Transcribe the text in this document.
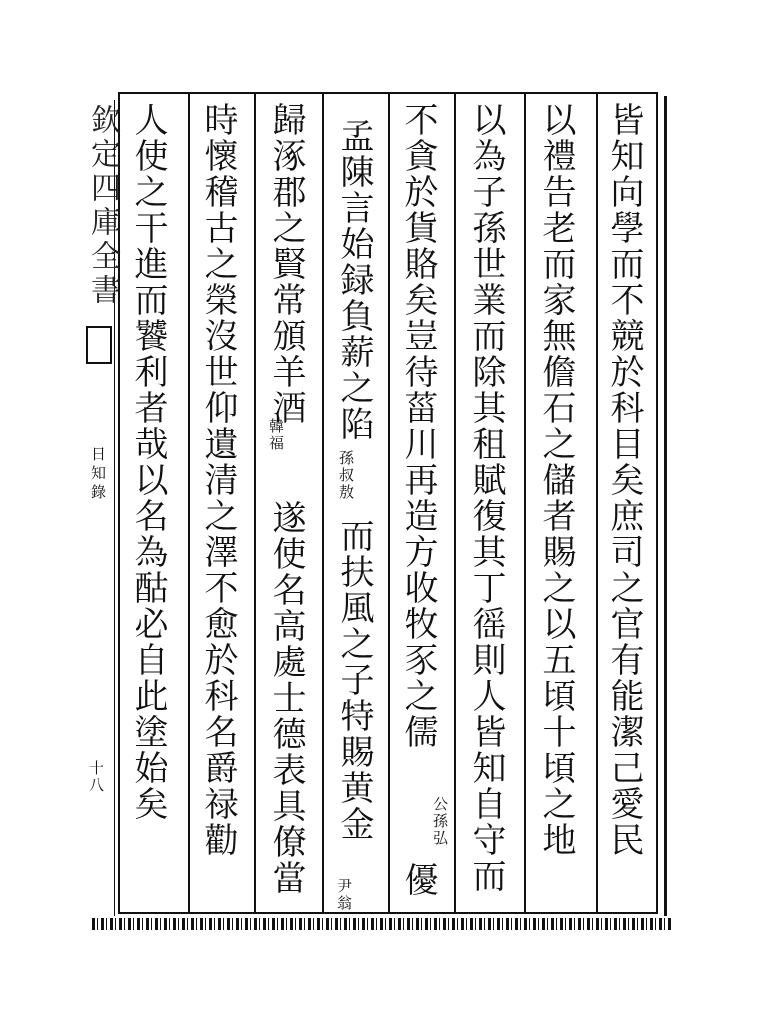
欽定四庫全書
日知錄
十八	皆知向學而不競於科目矣庶司之官有能潔己愛民
以禮告老而家無儋石之儲者賜之以五頃十頃之地
以為子孫世業而除其租賦復其丁徭則人皆知自守而
不貪於貨賂矣豈待菑川再造方收牧豕之儒
孟陳言始録負薪之陷
而扶風之子特賜黄金
歸涿郡之賢常頒羊酒
遂使名高處士德表具僚當
時懷稽古之榮沒世仰遺清之澤不愈於科名爵禄勸
人使之干進而饕利者哉以名為酤必自此塗始矣	公孫弘
優
尹翁
孫叔敖
韓福
